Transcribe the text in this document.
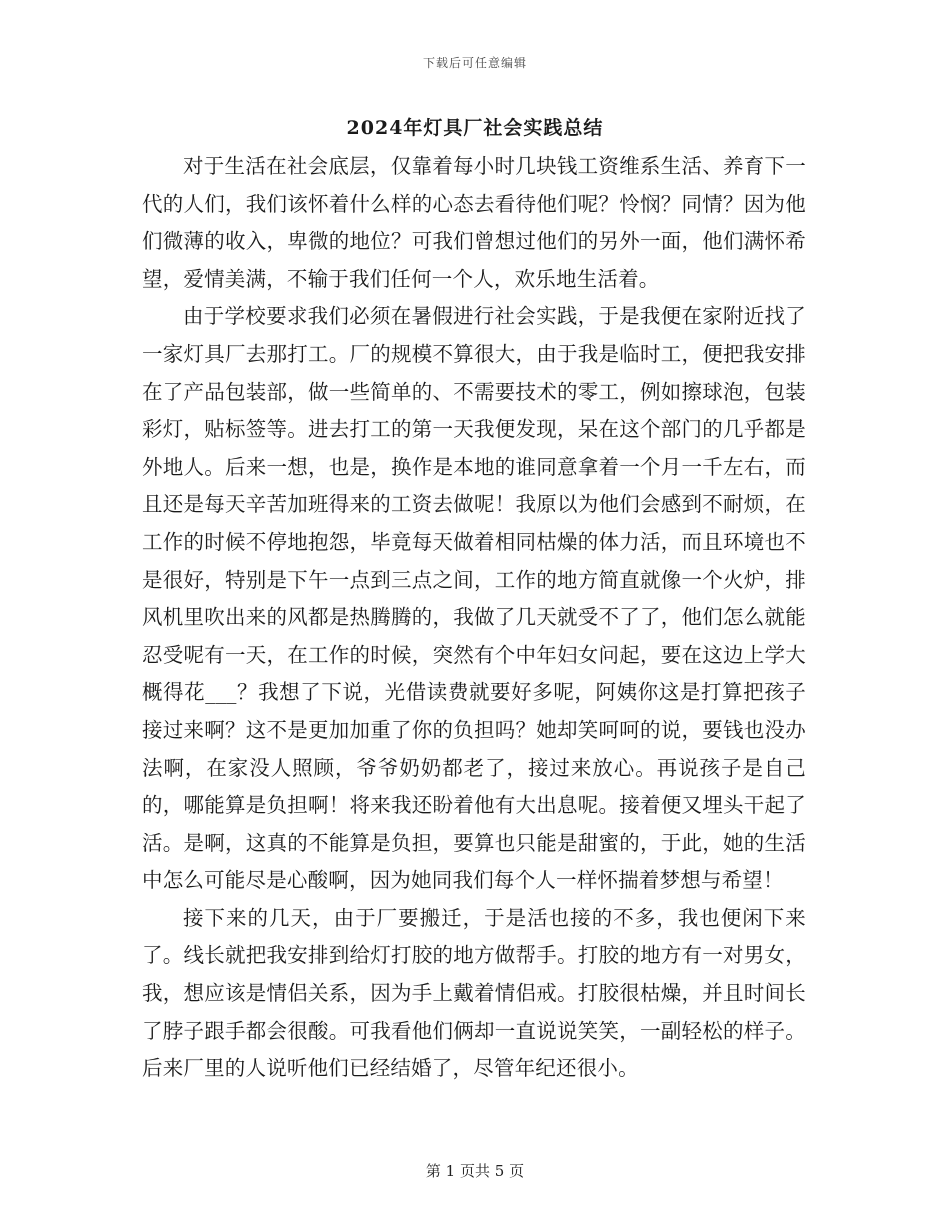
下载后可任意编辑
2024年灯具厂社会实践总结

对于生活在社会底层，仅靠着每小时几块钱工资维系生活、养育下一代的人们，我们该怀着什么样的心态去看待他们呢？怜悯？同情？因为他们微薄的收入，卑微的地位？可我们曾想过他们的另外一面，他们满怀希望，爱情美满，不输于我们任何一个人，欢乐地生活着。

由于学校要求我们必须在暑假进行社会实践，于是我便在家附近找了一家灯具厂去那打工。厂的规模不算很大，由于我是临时工，便把我安排在了产品包装部，做一些简单的、不需要技术的零工，例如擦球泡，包装彩灯，贴标签等。进去打工的第一天我便发现，呆在这个部门的几乎都是外地人。后来一想，也是，换作是本地的谁同意拿着一个月一千左右，而且还是每天辛苦加班得来的工资去做呢！我原以为他们会感到不耐烦，在工作的时候不停地抱怨，毕竟每天做着相同枯燥的体力活，而且环境也不是很好，特别是下午一点到三点之间，工作的地方简直就像一个火炉，排风机里吹出来的风都是热腾腾的，我做了几天就受不了了，他们怎么就能忍受呢有一天，在工作的时候，突然有个中年妇女问起，要在这边上学大概得花___？我想了下说，光借读费就要好多呢，阿姨你这是打算把孩子接过来啊？这不是更加加重了你的负担吗？她却笑呵呵的说，要钱也没办法啊，在家没人照顾，爷爷奶奶都老了，接过来放心。再说孩子是自己的，哪能算是负担啊！将来我还盼着他有大出息呢。接着便又埋头干起了活。是啊，这真的不能算是负担，要算也只能是甜蜜的，于此，她的生活中怎么可能尽是心酸啊，因为她同我们每个人一样怀揣着梦想与希望！

接下来的几天，由于厂要搬迁，于是活也接的不多，我也便闲下来了。线长就把我安排到给灯打胶的地方做帮手。打胶的地方有一对男女，我，想应该是情侣关系，因为手上戴着情侣戒。打胶很枯燥，并且时间长了脖子跟手都会很酸。可我看他们俩却一直说说笑笑，一副轻松的样子。后来厂里的人说听他们已经结婚了，尽管年纪还很小。

第 1 页共 5 页
